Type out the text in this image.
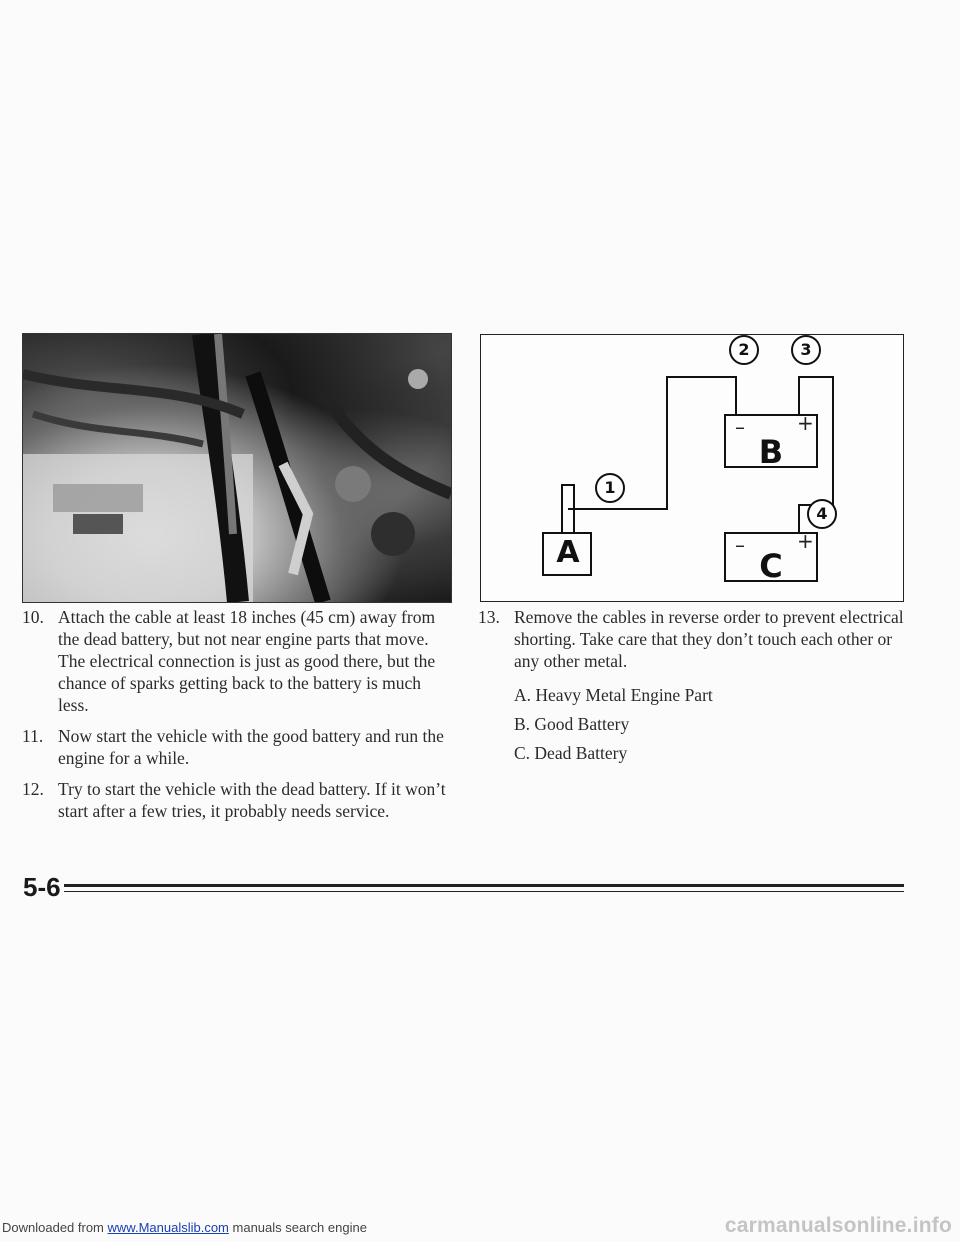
A
B
C
–	+
–	+
1
2	3
4
10. Attach the cable at least 18 inches (45 cm) away from the dead battery, but not near engine parts that move. The electrical connection is just as good there, but the chance of sparks getting back to the battery is much less.
11. Now start the vehicle with the good battery and run the engine for a while.
12. Try to start the vehicle with the dead battery. If it won’t start after a few tries, it probably needs service.
13. Remove the cables in reverse order to prevent electrical shorting. Take care that they don’t touch each other or any other metal.
A. Heavy Metal Engine Part
B. Good Battery
C. Dead Battery
5-6
Downloaded from www.Manualslib.com manuals search engine	carmanualsonline.info
